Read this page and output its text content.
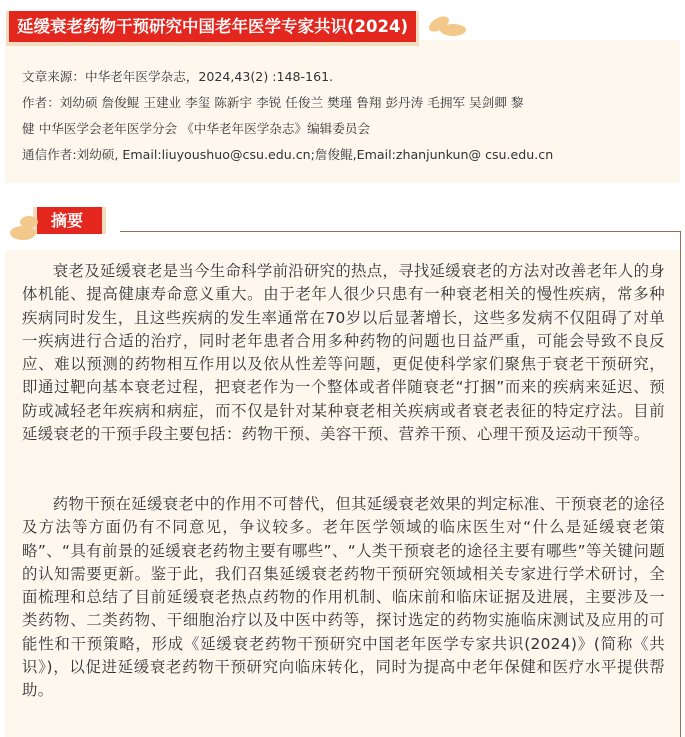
延缓衰老药物干预研究中国老年医学专家共识(2024)
文章来源：中华老年医学杂志，2024,43(2) :148-161.
作者：刘幼硕 詹俊鲲 王建业 李玺 陈新宇 李锐 任俊兰 樊瑾 鲁翔 彭丹涛 毛拥军 吴剑卿 黎
健 中华医学会老年医学分会 《中华老年医学杂志》编辑委员会
通信作者:刘幼硕, Email:liuyoushuo@csu.edu.cn;詹俊鲲,Email:zhanjunkun@ csu.edu.cn
摘要
衰老及延缓衰老是当今生命科学前沿研究的热点，寻找延缓衰老的方法对改善老年人的身体机能、提高健康寿命意义重大。由于老年人很少只患有一种衰老相关的慢性疾病，常多种疾病同时发生，且这些疾病的发生率通常在70岁以后显著增长，这些多发病不仅阻碍了对单一疾病进行合适的治疗，同时老年患者合用多种药物的问题也日益严重，可能会导致不良反应、难以预测的药物相互作用以及依从性差等问题，更促使科学家们聚焦于衰老干预研究，即通过靶向基本衰老过程，把衰老作为一个整体或者伴随衰老“打捆”而来的疾病来延迟、预防或减轻老年疾病和病症，而不仅是针对某种衰老相关疾病或者衰老表征的特定疗法。目前延缓衰老的干预手段主要包括：药物干预、美容干预、营养干预、心理干预及运动干预等。
药物干预在延缓衰老中的作用不可替代，但其延缓衰老效果的判定标准、干预衰老的途径及方法等方面仍有不同意见，争议较多。老年医学领域的临床医生对“什么是延缓衰老策略”、“具有前景的延缓衰老药物主要有哪些”、“人类干预衰老的途径主要有哪些”等关键问题的认知需要更新。鉴于此，我们召集延缓衰老药物干预研究领域相关专家进行学术研讨，全面梳理和总结了目前延缓衰老热点药物的作用机制、临床前和临床证据及进展，主要涉及一类药物、二类药物、干细胞治疗以及中医中药等，探讨选定的药物实施临床测试及应用的可能性和干预策略，形成《延缓衰老药物干预研究中国老年医学专家共识(2024)》(简称《共识》)，以促进延缓衰老药物干预研究向临床转化，同时为提高中老年保健和医疗水平提供帮助。
